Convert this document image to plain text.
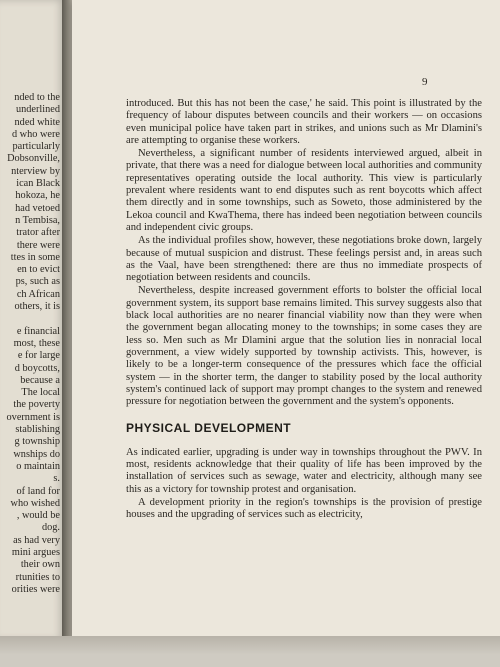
nded to the
underlined
nded white
d who were
particularly
Dobsonville,
nterview by
ican Black
hokoza, he
had vetoed
n Tembisa,
trator after
there were
ttes in some
en to evict
ps, such as
ch African
others, it is

e financial
most, these
e for large
d boycotts,
because a
The local
the poverty
overnment is
stablishing
g township
wnships do
o maintain
s.
of land for
who wished
, would be
dog.
as had very
mini argues
their own
rtunities to
orities were
9

introduced. But this has not been the case,' he said. This point is illustrated by the frequency of labour disputes between councils and their workers — on occasions even municipal police have taken part in strikes, and unions such as Mr Dlamini's are attempting to organise these workers.

Nevertheless, a significant number of residents interviewed argued, albeit in private, that there was a need for dialogue between local authorities and community representatives operating outside the local authority. This view is particularly prevalent where residents want to end disputes such as rent boycotts which affect them directly and in some townships, such as Soweto, those administered by the Lekoa council and KwaThema, there has indeed been negotiation between councils and independent civic groups.

As the individual profiles show, however, these negotiations broke down, largely because of mutual suspicion and distrust. These feelings persist and, in areas such as the Vaal, have been strengthened: there are thus no immediate prospects of negotiation between residents and councils.

Nevertheless, despite increased government efforts to bolster the official local government system, its support base remains limited. This survey suggests also that black local authorities are no nearer financial viability now than they were when the government began allocating money to the townships; in some cases they are less so. Men such as Mr Dlamini argue that the solution lies in nonracial local government, a view widely supported by township activists. This, however, is likely to be a longer-term consequence of the pressures which face the official system — in the shorter term, the danger to stability posed by the local authority system's continued lack of support may prompt changes to the system and renewed pressure for negotiation between the government and the system's opponents.

PHYSICAL DEVELOPMENT

As indicated earlier, upgrading is under way in townships throughout the PWV. In most, residents acknowledge that their quality of life has been improved by the installation of services such as sewage, water and electricity, although many see this as a victory for township protest and organisation.

A development priority in the region's townships is the provision of prestige houses and the upgrading of services such as electricity,
